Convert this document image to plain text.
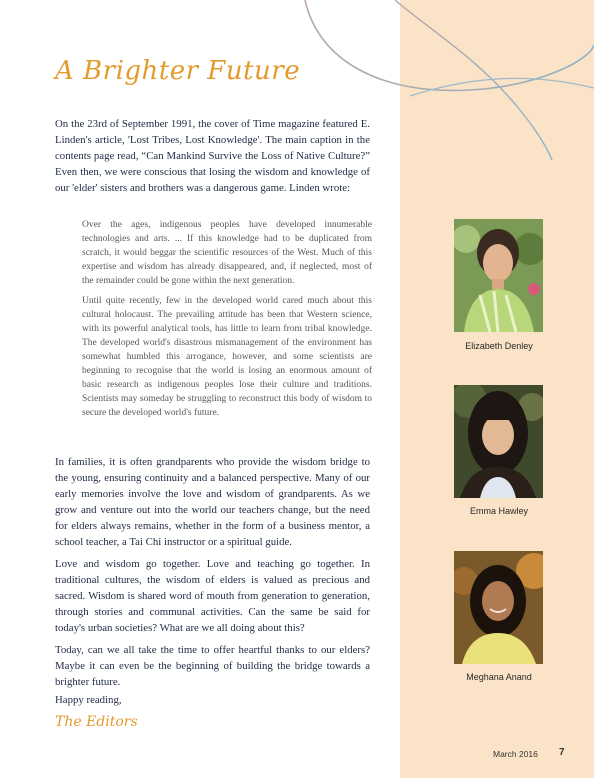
A Brighter Future

On the 23rd of September 1991, the cover of Time magazine featured E. Linden's article, 'Lost Tribes, Lost Knowledge'. The main caption in the contents page read, “Can Mankind Survive the Loss of Native Culture?” Even then, we were conscious that losing the wisdom and knowledge of our 'elder' sisters and brothers was a dangerous game. Linden wrote:

Over the ages, indigenous peoples have developed innumerable technologies and arts. ... If this knowledge had to be duplicated from scratch, it would beggar the scientific resources of the West. Much of this expertise and wisdom has already disappeared, and, if neglected, most of the remainder could be gone within the next generation.

Until quite recently, few in the developed world cared much about this cultural holocaust. The prevailing attitude has been that Western science, with its powerful analytical tools, has little to learn from tribal knowledge. The developed world's disastrous mismanagement of the environment has somewhat humbled this arrogance, however, and some scientists are beginning to recognise that the world is losing an enormous amount of basic research as indigenous peoples lose their culture and traditions. Scientists may someday be struggling to reconstruct this body of wisdom to secure the developed world's future.

In families, it is often grandparents who provide the wisdom bridge to the young, ensuring continuity and a balanced perspective. Many of our early memories involve the love and wisdom of grandparents. As we grow and venture out into the world our teachers change, but the need for elders always remains, whether in the form of a business mentor, a school teacher, a Tai Chi instructor or a spiritual guide.

Love and wisdom go together. Love and teaching go together. In traditional cultures, the wisdom of elders is valued as precious and sacred. Wisdom is shared word of mouth from generation to generation, through stories and communal activities. Can the same be said for today's urban societies? What are we all doing about this?

Today, can we all take the time to offer heartful thanks to our elders? Maybe it can even be the beginning of building the bridge towards a brighter future.

Happy reading,

The Editors

Elizabeth Denley

Emma Hawley

Meghana Anand

March 2016 7
